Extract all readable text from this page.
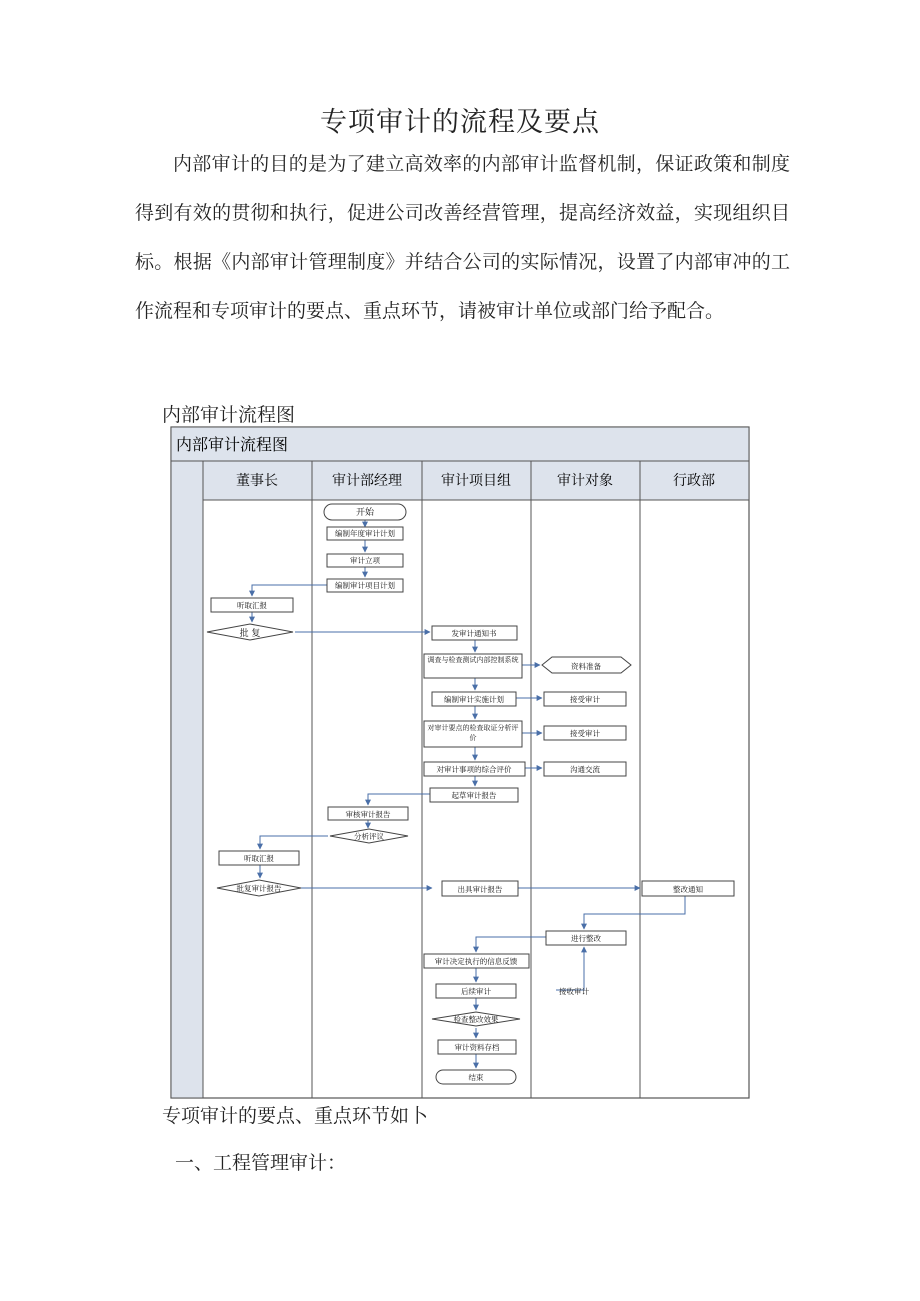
专项审计的流程及要点

内部审计的目的是为了建立高效率的内部审计监督机制，保证政策和制度得到有效的贯彻和执行，促进公司改善经营管理，提高经济效益，实现组织目标。根据《内部审计管理制度》并结合公司的实际情况，设置了内部审冲的工作流程和专项审计的要点、重点环节，请被审计单位或部门给予配合。

内部审计流程图
内部审计流程图
董事长	审计部经理	审计项目组	审计对象	行政部
开始
编制年度审计计划
审计立项
编制审计项目计划
听取汇报
批 复	发审计通知书
调查与检查测试内部控制系统
资料准备
编制审计实施计划	接受审计
对审计要点的检查取证分析评价	接受审计
对审计事项的综合评价	沟通交流
起草审计报告
审核审计报告
分析评议
听取汇报
批复审计报告	出具审计报告	整改通知
进行整改
审计决定执行的信息反馈
后续审计	接收审计
检查整改效果
审计资料存档
结束
专项审计的要点、重点环节如卜
一、工程管理审计：
